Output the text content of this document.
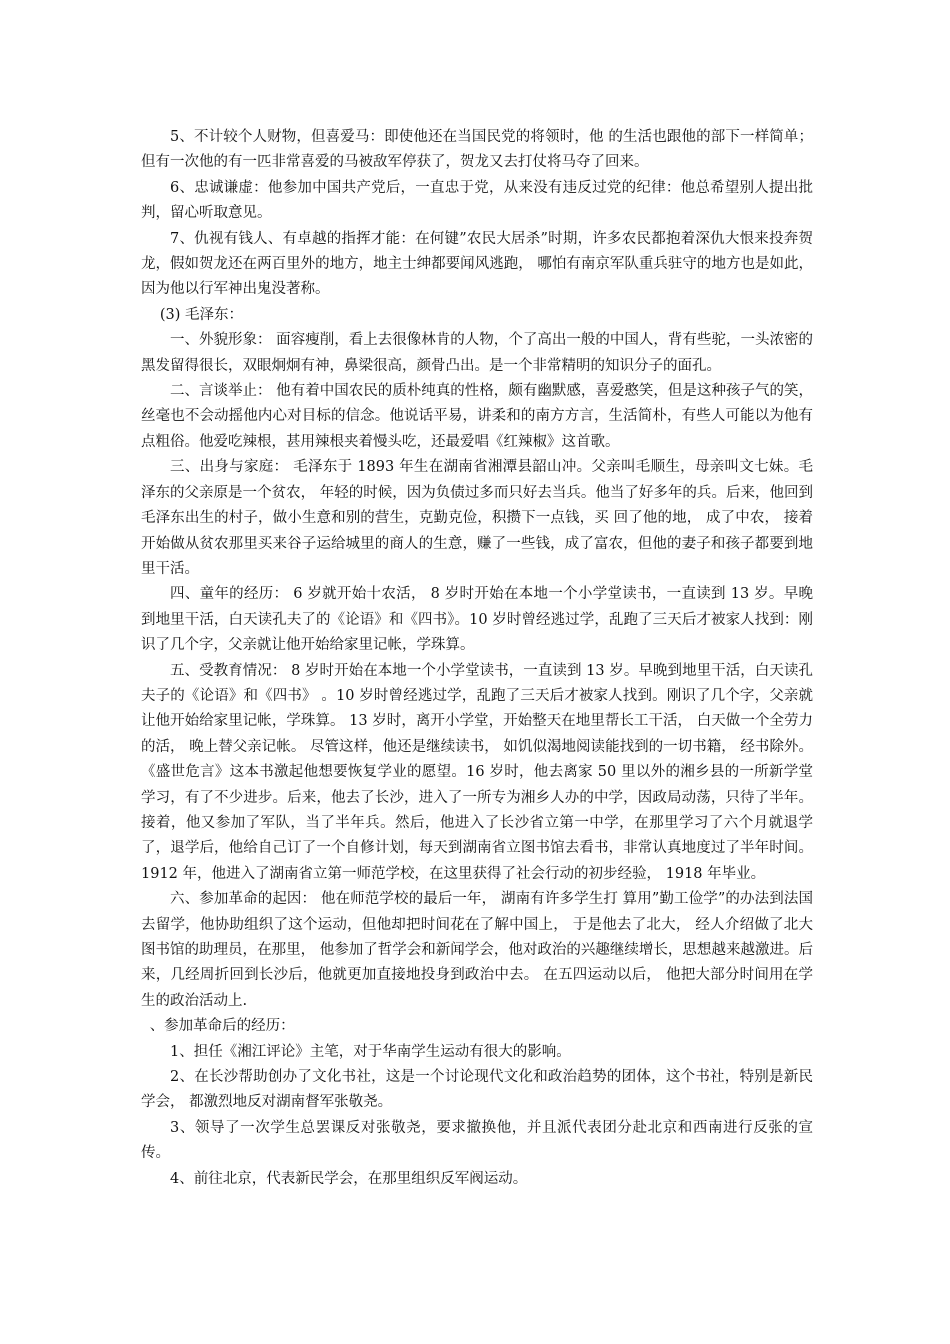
5、不计较个人财物，但喜爱马：即使他还在当国民党的将领时，他 的生活也跟他的部下一样简单； 但有一次他的有一匹非常喜爱的马被敌军停获了，贺龙又去打仗将马夺了回来。

6、忠诚谦虚：他参加中国共产党后，一直忠于党，从来没有违反过党的纪律：他总希望别人提出批判，留心听取意见。

7、仇视有钱人、有卓越的指挥才能：在何键”农民大居杀”时期，许多农民都抱着深仇大恨来投奔贺龙，假如贺龙还在两百里外的地方，地主士绅都要闻风逃跑， 哪怕有南京军队重兵驻守的地方也是如此，因为他以行军神出鬼没著称。

(3) 毛泽东：

一、外貌形象： 面容瘦削，看上去很像林肯的人物，个了高出一般的中国人，背有些驼，一头浓密的黑发留得很长，双眼炯炯有神，鼻梁很高，颜骨凸出。是一个非常精明的知识分子的面孔。

二、言谈举止： 他有着中国农民的质朴纯真的性格，颇有幽默感，喜爱憨笑，但是这种孩子气的笑， 丝毫也不会动摇他内心对目标的信念。他说话平易，讲柔和的南方方言，生活简朴，有些人可能以为他有点粗俗。他爱吃辣根，甚用辣根夹着慢头吃，还最爱唱《红辣椒》这首歌。

三、出身与家庭： 毛泽东于 1893 年生在湖南省湘潭县韶山冲。父亲叫毛顺生，母亲叫文七妹。毛泽东的父亲原是一个贫农， 年轻的时候，因为负债过多而只好去当兵。他当了好多年的兵。后来，他回到毛泽东出生的村子，做小生意和别的营生，克勤克俭，积攒下一点钱，买 回了他的地， 成了中农， 接着开始做从贫农那里买来谷子运给城里的商人的生意，赚了一些钱，成了富农，但他的妻子和孩子都要到地里干活。

四、童年的经历： 6 岁就开始十农活， 8 岁时开始在本地一个小学堂读书，一直读到 13 岁。早晚到地里干活，白天读孔夫了的《论语》和《四书》。10 岁时曾经逃过学，乱跑了三天后才被家人找到：刚识了几个字，父亲就让他开始给家里记帐，学珠算。

五、受教育情况： 8 岁时开始在本地一个小学堂读书，一直读到 13 岁。早晚到地里干活，白天读孔夫子的《论语》和《四书》 。10 岁时曾经逃过学，乱跑了三天后才被家人找到。刚识了几个字，父亲就让他开始给家里记帐，学珠算。 13 岁时，离开小学堂，开始整天在地里帮长工干活， 白天做一个全劳力的活， 晚上替父亲记帐。 尽管这样，他还是继续读书， 如饥似渴地阅读能找到的一切书籍， 经书除外。《盛世危言》这本书激起他想要恢复学业的愿望。16 岁时，他去离家 50 里以外的湘乡县的一所新学堂学习，有了不少进步。后来，他去了长沙，进入了一所专为湘乡人办的中学，因政局动荡，只待了半年。接着，他又参加了军队，当了半年兵。然后，他进入了长沙省立第一中学，在那里学习了六个月就退学了，退学后，他给自己订了一个自修计划，每天到湖南省立图书馆去看书，非常认真地度过了半年时间。1912 年，他进入了湖南省立第一师范学校，在这里获得了社会行动的初步经验， 1918 年毕业。

六、参加革命的起因： 他在师范学校的最后一年， 湖南有许多学生打 算用”勤工俭学”的办法到法国去留学，他协助组织了这个运动，但他却把时间花在了解中国上， 于是他去了北大， 经人介绍做了北大图书馆的助理员，在那里， 他参加了哲学会和新闻学会，他对政治的兴趣继续增长，思想越来越激进。后来，几经周折回到长沙后，他就更加直接地投身到政治中去。 在五四运动以后， 他把大部分时间用在学生的政治活动上.

、参加革命后的经历：

1、担任《湘江评论》主笔，对于华南学生运动有很大的影响。

2、在长沙帮助创办了文化书社，这是一个讨论现代文化和政治趋势的团体，这个书社，特别是新民学会， 都激烈地反对湖南督军张敬尧。

3、领导了一次学生总罢课反对张敬尧，要求撤换他，并且派代表团分赴北京和西南进行反张的宣传。

4、前往北京，代表新民学会，在那里组织反军阀运动。
